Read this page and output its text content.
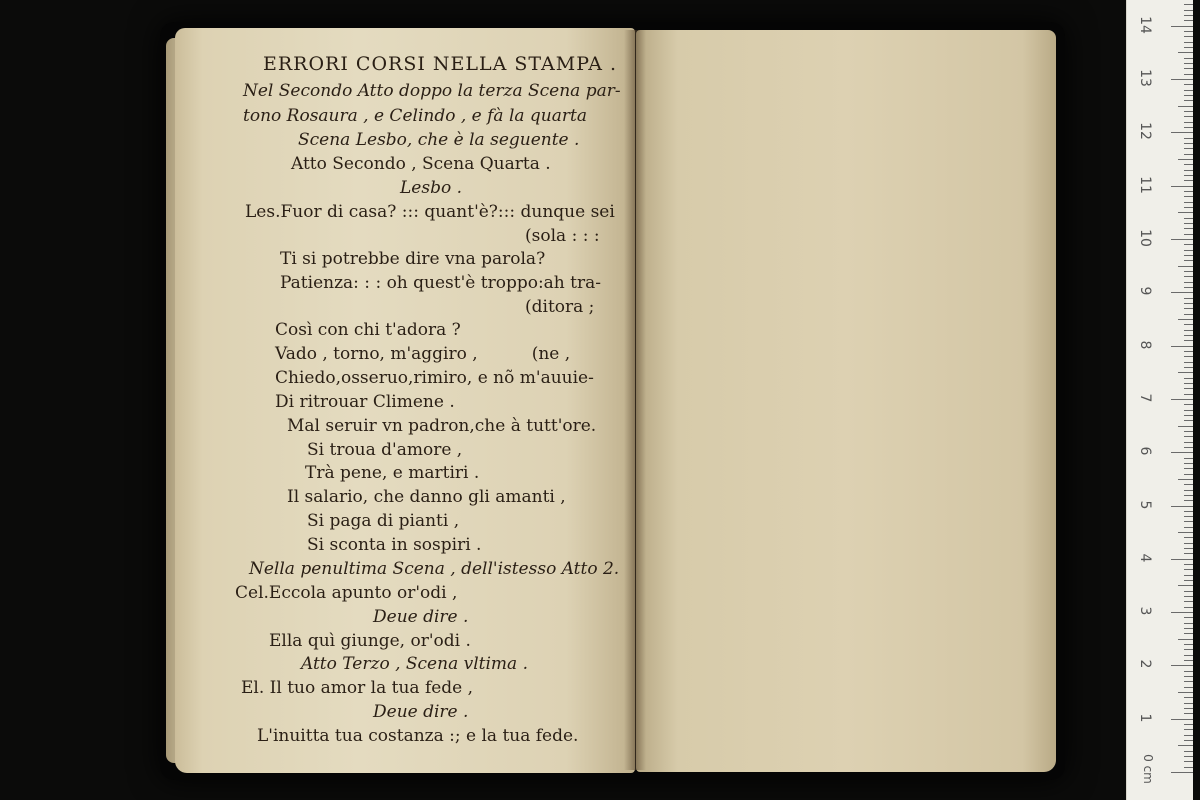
ERRORI CORSI NELLA STAMPA .
Nel Secondo Atto doppo la terza Scena par-
tono Rosaura , e Celindo , e fà la quarta
Scena Lesbo, che è la seguente .
Atto Secondo , Scena Quarta .
Lesbo .
Les.Fuor di casa? ::: quant'è?::: dunque sei
(sola : : :
Ti si potrebbe dire vna parola?
Patienza: : : oh quest'è troppo:ah tra-
(ditora ;
Così con chi t'adora ?
Vado , torno, m'aggiro ,          (ne ,
Chiedo,osseruo,rimiro, e nõ m'auuie-
Di ritrouar Climene .
Mal seruir vn padron,che à tutt'ore.
Si troua d'amore ,
Trà pene, e martiri .
Il salario, che danno gli amanti ,
Si paga di pianti ,
Si sconta in sospiri .
Nella penultima Scena , dell'istesso Atto 2.
Cel.Eccola apunto or'odi ,
Deue dire .
Ella quì giunge, or'odi .
Atto Terzo , Scena vltima .
El. Il tuo amor la tua fede ,
Deue dire .
L'inuitta tua costanza :; e la tua fede.
0 cm
1
2
3
4
5
6
7
8
9
10
11
12
13
14
